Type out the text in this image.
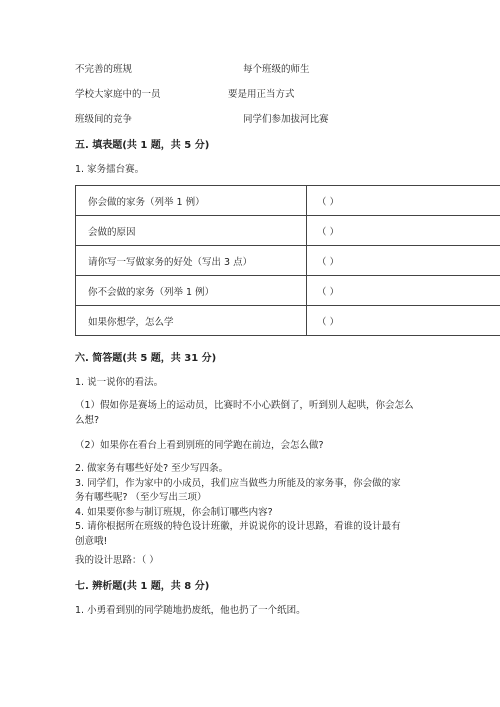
不完善的班规	每个班级的师生
学校大家庭中的一员	要是用正当方式
班级间的竞争	同学们参加拔河比赛
五. 填表题(共 1 题，共 5 分)
1. 家务擂台赛。
你会做的家务（列举 1 例）	（ ）
会做的原因	（ ）
请你写一写做家务的好处（写出 3 点）	（ ）
你不会做的家务（列举 1 例）	（ ）
如果你想学，怎么学	（ ）
六. 简答题(共 5 题，共 31 分)
1. 说一说你的看法。
（1）假如你是赛场上的运动员，比赛时不小心跌倒了，听到别人起哄，你会怎么
么想?
（2）如果你在看台上看到别班的同学跑在前边，会怎么做?
2. 做家务有哪些好处? 至少写四条。
3. 同学们，作为家中的小成员，我们应当做些力所能及的家务事，你会做的家
务有哪些呢? （至少写出三项）
4. 如果要你参与制订班规，你会制订哪些内容?
5. 请你根据所在班级的特色设计班徽，并说说你的设计思路，看谁的设计最有
创意哦!
我的设计思路：（ ）
七. 辨析题(共 1 题，共 8 分)
1. 小勇看到别的同学随地扔废纸，他也扔了一个纸团。
